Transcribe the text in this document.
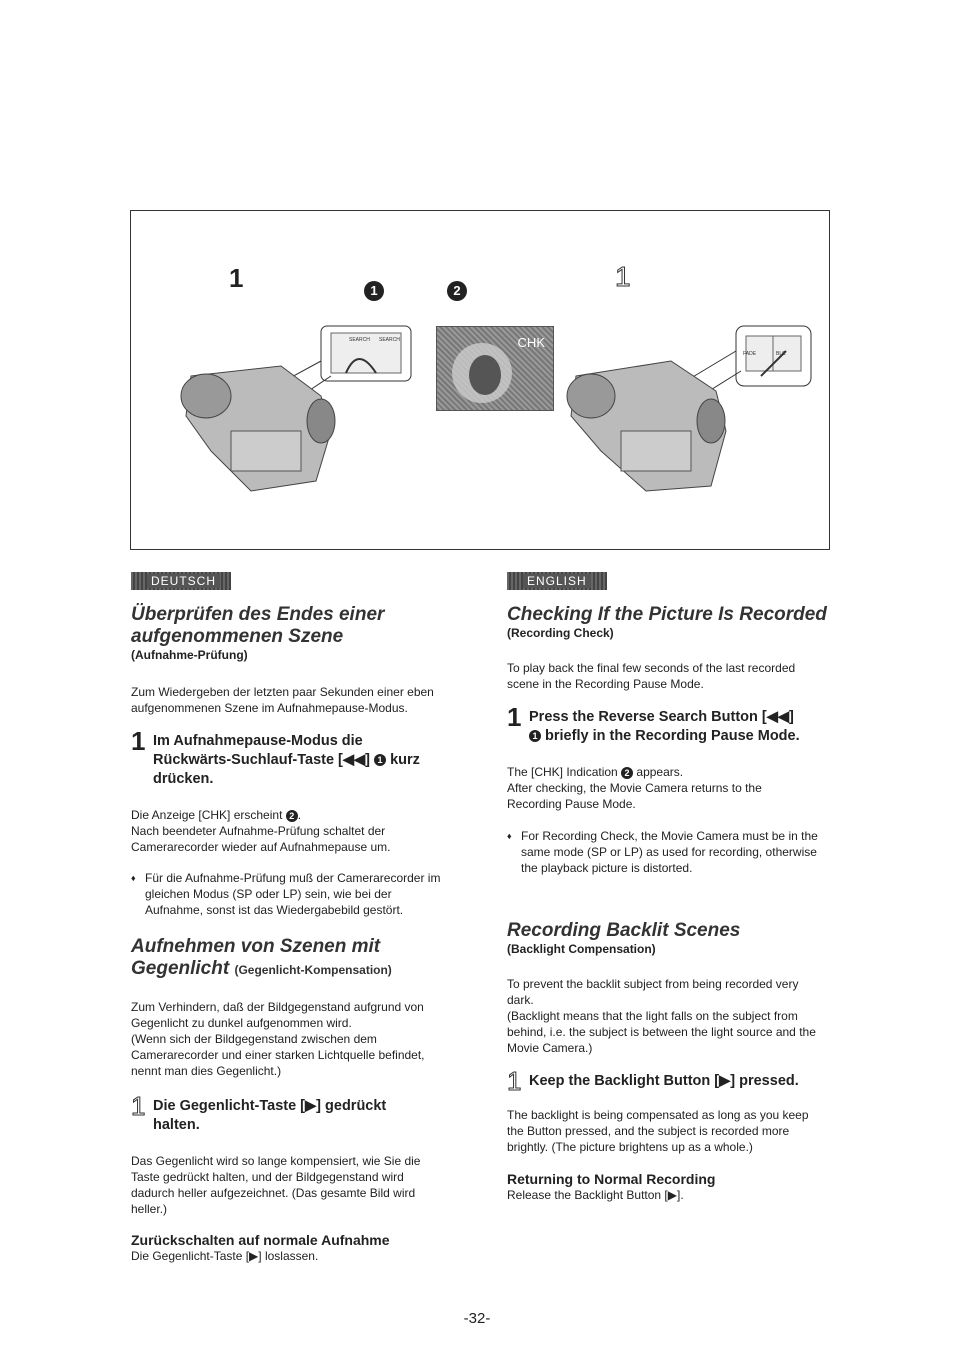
1	1	2	1
SEARCH SEARCH	CHK
FADE	BLC
DEUTSCH

Überprüfen des Endes einer
aufgenommenen Szene

(Aufnahme-Prüfung)

Zum Wiedergeben der letzten paar Sekunden einer eben aufgenommenen Szene im Aufnahmepause-Modus.

1 Im Aufnahmepause-Modus die
Rückwärts-Suchlauf-Taste [◀◀] 1 kurz
drücken.

Die Anzeige [CHK] erscheint 2 .

Nach beendeter Aufnahme-Prüfung schaltet der Camerarecorder wieder auf Aufnahmepause um.

♦ Für die Aufnahme-Prüfung muß der Camerarecorder im gleichen Modus (SP oder LP) sein, wie bei der Aufnahme, sonst ist das Wiedergabebild gestört.

Aufnehmen von Szenen mit
Gegenlicht (Gegenlicht-Kompensation)

Zum Verhindern, daß der Bildgegenstand aufgrund von Gegenlicht zu dunkel aufgenommen wird.

(Wenn sich der Bildgegenstand zwischen dem Camerarecorder und einer starken Lichtquelle befindet, nennt man dies Gegenlicht.)

1 Die Gegenlicht-Taste [▶] gedrückt
halten.

Das Gegenlicht wird so lange kompensiert, wie Sie die Taste gedrückt halten, und der Bildgegenstand wird dadurch heller aufgezeichnet. (Das gesamte Bild wird heller.)

Zurückschalten auf normale Aufnahme

Die Gegenlicht-Taste [▶] loslassen.

ENGLISH

Checking If the Picture Is Recorded

(Recording Check)

To play back the final few seconds of the last recorded scene in the Recording Pause Mode.

1 Press the Reverse Search Button [◀◀]
1 briefly in the Recording Pause Mode.

The [CHK] Indication 2 appears.

After checking, the Movie Camera returns to the Recording Pause Mode.

♦ For Recording Check, the Movie Camera must be in the same mode (SP or LP) as used for recording, otherwise the playback picture is distorted.

Recording Backlit Scenes

(Backlight Compensation)

To prevent the backlit subject from being recorded very dark.

(Backlight means that the light falls on the subject from behind, i.e. the subject is between the light source and the Movie Camera.)

1 Keep the Backlight Button [▶] pressed.

The backlight is being compensated as long as you keep the Button pressed, and the subject is recorded more brightly. (The picture brightens up as a whole.)

Returning to Normal Recording

Release the Backlight Button [▶].

-32-
